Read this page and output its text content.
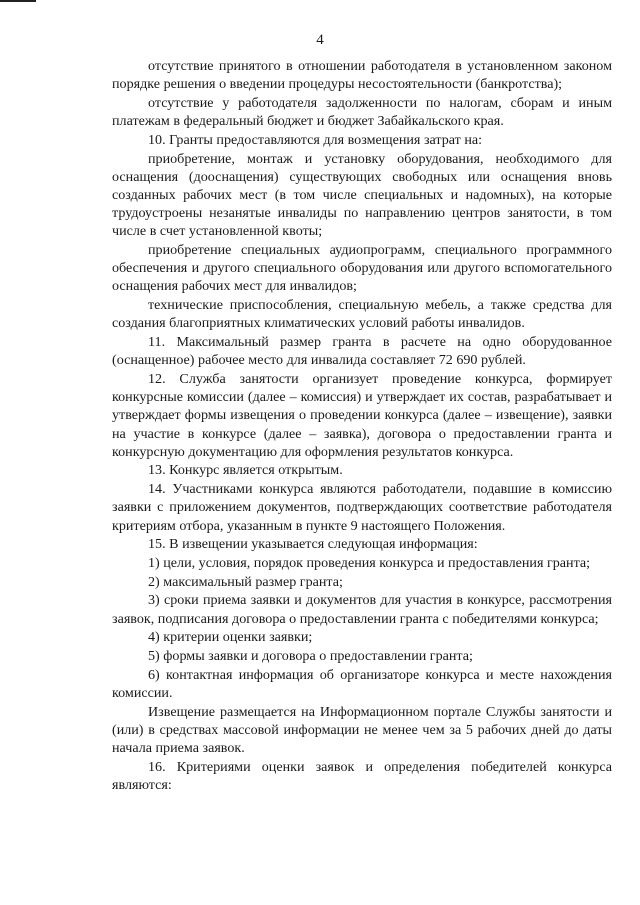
4

отсутствие принятого в отношении работодателя в установленном законом порядке решения о введении процедуры несостоятельности (банкротства);

отсутствие у работодателя задолженности по налогам, сборам и иным платежам в федеральный бюджет и бюджет Забайкальского края.

10. Гранты предоставляются для возмещения затрат на:

приобретение, монтаж и установку оборудования, необходимого для оснащения (дооснащения) существующих свободных или оснащения вновь созданных рабочих мест (в том числе специальных и надомных), на которые трудоустроены незанятые инвалиды по направлению центров занятости, в том числе в счет установленной квоты;

приобретение специальных аудиопрограмм, специального программного обеспечения и другого специального оборудования или другого вспомогательного оснащения рабочих мест для инвалидов;

технические приспособления, специальную мебель, а также средства для создания благоприятных климатических условий работы инвалидов.

11. Максимальный размер гранта в расчете на одно оборудованное (оснащенное) рабочее место для инвалида составляет 72 690 рублей.

12. Служба занятости организует проведение конкурса, формирует конкурсные комиссии (далее – комиссия) и утверждает их состав, разрабатывает и утверждает формы извещения о проведении конкурса (далее – извещение), заявки на участие в конкурсе (далее – заявка), договора о предоставлении гранта и конкурсную документацию для оформления результатов конкурса.

13. Конкурс является открытым.

14. Участниками конкурса являются работодатели, подавшие в комиссию заявки с приложением документов, подтверждающих соответствие работодателя критериям отбора, указанным в пункте 9 настоящего Положения.

15. В извещении указывается следующая информация:

1) цели, условия, порядок проведения конкурса и предоставления гранта;

2) максимальный размер гранта;

3) сроки приема заявки и документов для участия в конкурсе, рассмотрения заявок, подписания договора о предоставлении гранта с победителями конкурса;

4) критерии оценки заявки;

5) формы заявки и договора о предоставлении гранта;

6) контактная информация об организаторе конкурса и месте нахождения комиссии.

Извещение размещается на Информационном портале Службы занятости и (или) в средствах массовой информации не менее чем за 5 рабочих дней до даты начала приема заявок.

16. Критериями оценки заявок и определения победителей конкурса являются:
